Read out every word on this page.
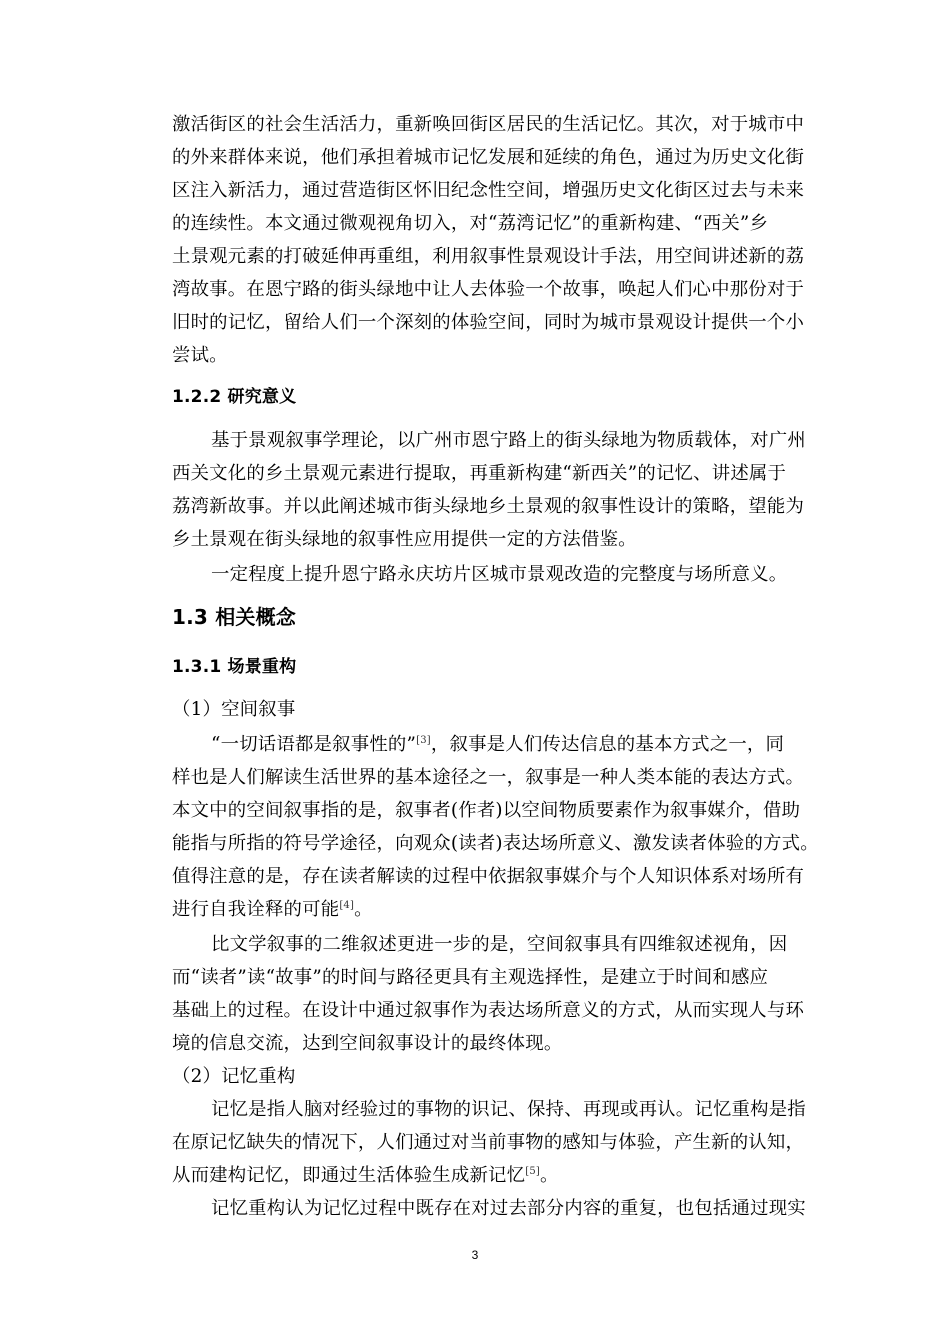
激活街区的社会生活活力，重新唤回街区居民的生活记忆。其次，对于城市中
的外来群体来说，他们承担着城市记忆发展和延续的角色，通过为历史文化街
区注入新活力，通过营造街区怀旧纪念性空间，增强历史文化街区过去与未来
的连续性。本文通过微观视角切入，对“荔湾记忆”的重新构建、“西关”乡
土景观元素的打破延伸再重组，利用叙事性景观设计手法，用空间讲述新的荔
湾故事。在恩宁路的街头绿地中让人去体验一个故事，唤起人们心中那份对于
旧时的记忆，留给人们一个深刻的体验空间，同时为城市景观设计提供一个小
尝试。
1.2.2 研究意义
基于景观叙事学理论，以广州市恩宁路上的街头绿地为物质载体，对广州
西关文化的乡土景观元素进行提取，再重新构建“新西关”的记忆、讲述属于
荔湾新故事。并以此阐述城市街头绿地乡土景观的叙事性设计的策略，望能为
乡土景观在街头绿地的叙事性应用提供一定的方法借鉴。
一定程度上提升恩宁路永庆坊片区城市景观改造的完整度与场所意义。
1.3 相关概念
1.3.1 场景重构
（1）空间叙事
“一切话语都是叙事性的”[3]，叙事是人们传达信息的基本方式之一，同
样也是人们解读生活世界的基本途径之一，叙事是一种人类本能的表达方式。
本文中的空间叙事指的是，叙事者(作者)以空间物质要素作为叙事媒介，借助
能指与所指的符号学途径，向观众(读者)表达场所意义、激发读者体验的方式。
值得注意的是，存在读者解读的过程中依据叙事媒介与个人知识体系对场所有
进行自我诠释的可能[4]。
比文学叙事的二维叙述更进一步的是，空间叙事具有四维叙述视角，因
而“读者”读“故事”的时间与路径更具有主观选择性，是建立于时间和感应
基础上的过程。在设计中通过叙事作为表达场所意义的方式，从而实现人与环
境的信息交流，达到空间叙事设计的最终体现。
（2）记忆重构
记忆是指人脑对经验过的事物的识记、保持、再现或再认。记忆重构是指
在原记忆缺失的情况下，人们通过对当前事物的感知与体验，产生新的认知，
从而建构记忆，即通过生活体验生成新记忆[5]。
记忆重构认为记忆过程中既存在对过去部分内容的重复，也包括通过现实
3
